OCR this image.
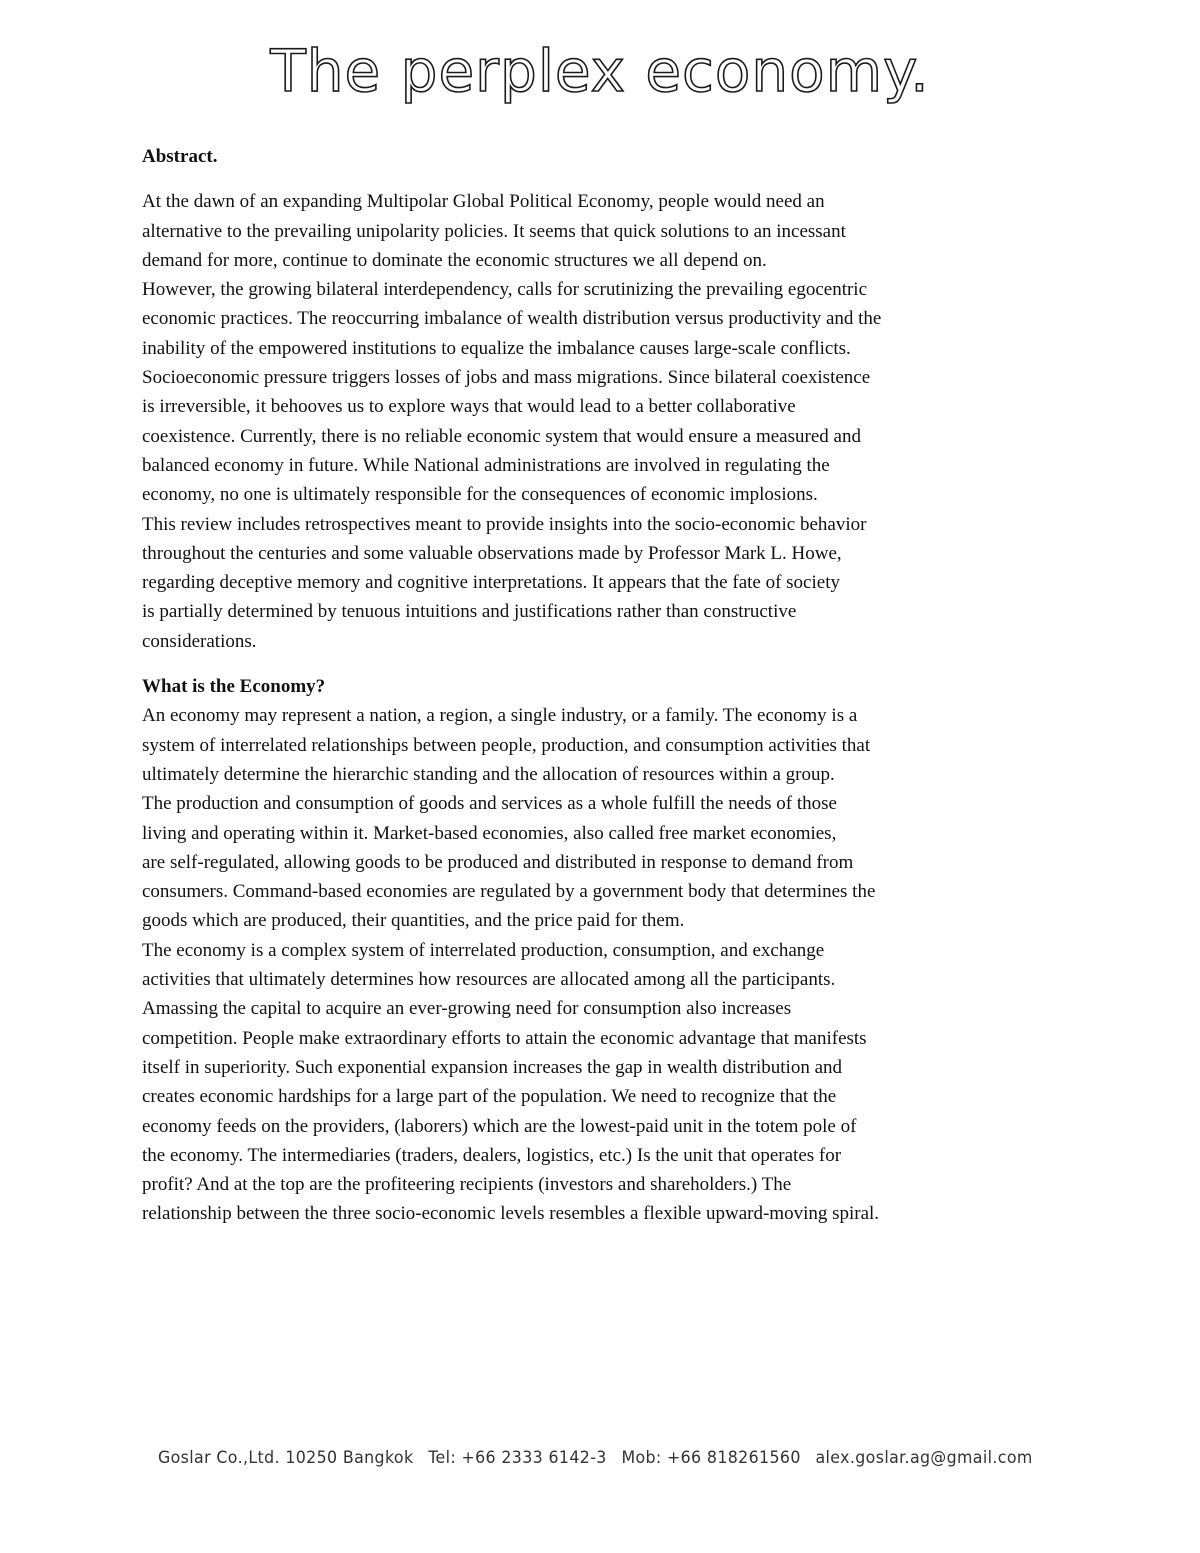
The perplex economy.
Abstract.
At the dawn of an expanding Multipolar Global Political Economy, people would need an
alternative to the prevailing unipolarity policies. It seems that quick solutions to an incessant
demand for more, continue to dominate the economic structures we all depend on.
However, the growing bilateral interdependency, calls for scrutinizing the prevailing egocentric
economic practices. The reoccurring imbalance of wealth distribution versus productivity and the
inability of the empowered institutions to equalize the imbalance causes large-scale conflicts.
Socioeconomic pressure triggers losses of jobs and mass migrations. Since bilateral coexistence
is irreversible, it behooves us to explore ways that would lead to a better collaborative
coexistence. Currently, there is no reliable economic system that would ensure a measured and
balanced economy in future. While National administrations are involved in regulating the
economy, no one is ultimately responsible for the consequences of economic implosions.
This review includes retrospectives meant to provide insights into the socio-economic behavior
throughout the centuries and some valuable observations made by Professor Mark L. Howe,
regarding deceptive memory and cognitive interpretations. It appears that the fate of society
is partially determined by tenuous intuitions and justifications rather than constructive
considerations.
What is the Economy?
An economy may represent a nation, a region, a single industry, or a family. The economy is a
system of interrelated relationships between people, production, and consumption activities that
ultimately determine the hierarchic standing and the allocation of resources within a group.
The production and consumption of goods and services as a whole fulfill the needs of those
living and operating within it. Market-based economies, also called free market economies,
are self-regulated, allowing goods to be produced and distributed in response to demand from
consumers. Command-based economies are regulated by a government body that determines the
goods which are produced, their quantities, and the price paid for them.
The economy is a complex system of interrelated production, consumption, and exchange
activities that ultimately determines how resources are allocated among all the participants.
Amassing the capital to acquire an ever-growing need for consumption also increases
competition. People make extraordinary efforts to attain the economic advantage that manifests
itself in superiority. Such exponential expansion increases the gap in wealth distribution and
creates economic hardships for a large part of the population. We need to recognize that the
economy feeds on the providers, (laborers) which are the lowest-paid unit in the totem pole of
the economy. The intermediaries (traders, dealers, logistics, etc.) Is the unit that operates for
profit? And at the top are the profiteering recipients (investors and shareholders.) The
relationship between the three socio-economic levels resembles a flexible upward-moving spiral.
Goslar Co.,Ltd. 10250 Bangkok Tel: +66 2333 6142-3 Mob: +66 818261560 alex.goslar.ag@gmail.com
